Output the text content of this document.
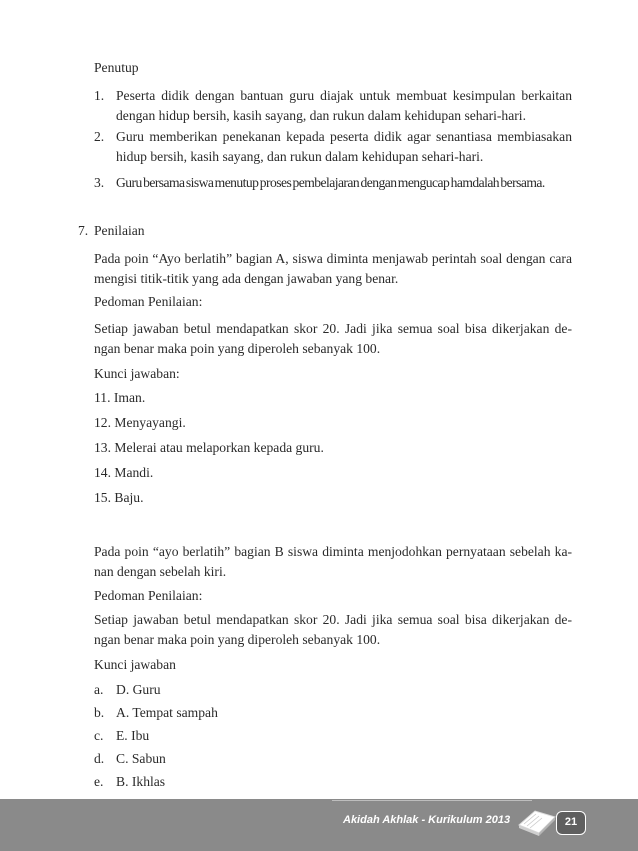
Penutup

1. Peserta didik dengan bantuan guru diajak untuk membuat kesimpulan berkaitan

dengan hidup bersih, kasih sayang, dan rukun dalam kehidupan sehari-hari.

2. Guru memberikan penekanan kepada peserta didik agar senantiasa membiasakan

hidup bersih, kasih sayang, dan rukun dalam kehidupan sehari-hari.

3. Guru bersama siswa menutup proses pembelajaran dengan mengucap hamdalah bersama.

7. Penilaian

Pada poin “Ayo berlatih” bagian A, siswa diminta menjawab perintah soal dengan cara

mengisi titik-titik yang ada dengan jawaban yang benar.

Pedoman Penilaian:

Setiap jawaban betul mendapatkan skor 20. Jadi jika semua soal bisa dikerjakan de-

ngan benar maka poin yang diperoleh sebanyak 100.

Kunci jawaban:

11. Iman.

12. Menyayangi.

13. Melerai atau melaporkan kepada guru.

14. Mandi.

15. Baju.

Pada poin “ayo berlatih” bagian B siswa diminta menjodohkan pernyataan sebelah ka-

nan dengan sebelah kiri.

Pedoman Penilaian:

Setiap jawaban betul mendapatkan skor 20. Jadi jika semua soal bisa dikerjakan de-

ngan benar maka poin yang diperoleh sebanyak 100.

Kunci jawaban

a. D. Guru

b. A. Tempat sampah

c. E. Ibu

d. C. Sabun

e. B. Ikhlas

Akidah Akhlak - Kurikulum 2013	21
